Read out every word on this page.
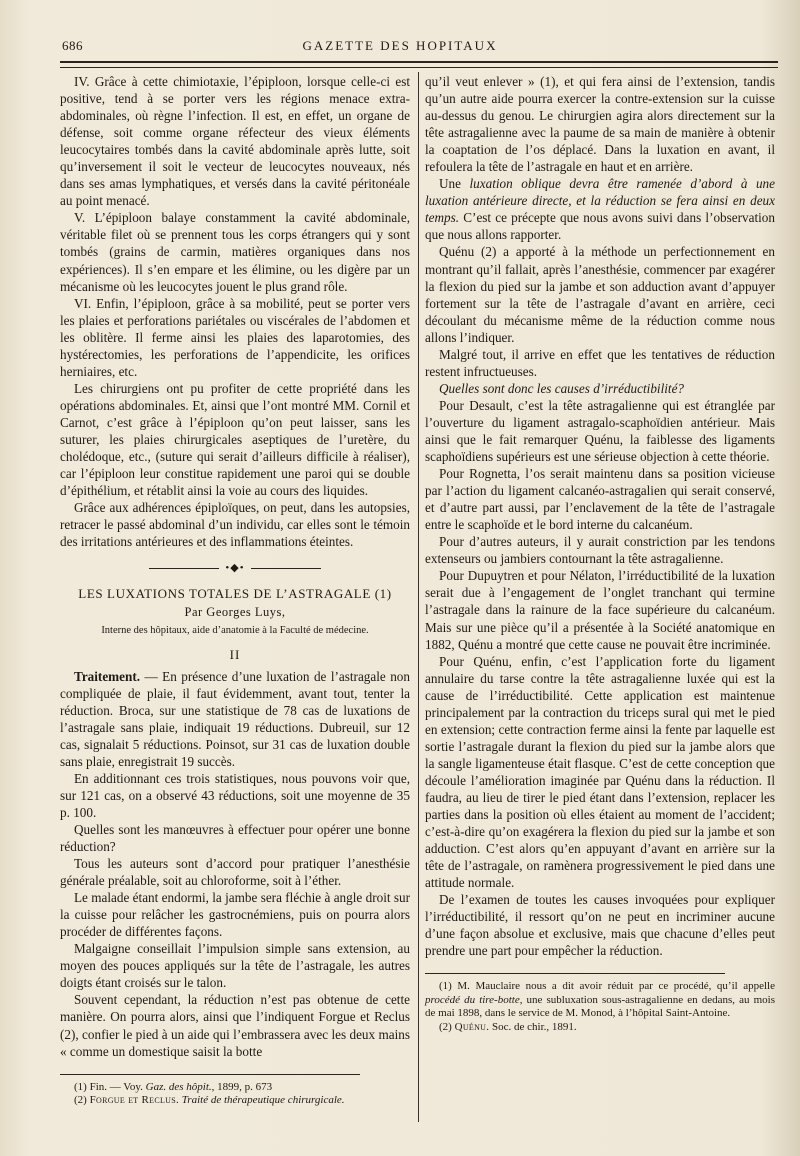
686	GAZETTE DES HOPITAUX

IV. Grâce à cette chimiotaxie, l’épiploon, lorsque celle-ci est positive, tend à se porter vers les régions menace extra-abdominales, où règne l’infection. Il est, en effet, un organe de défense, soit comme organe réfecteur des vieux éléments leucocytaires tombés dans la cavité abdominale après lutte, soit qu’inversement il soit le vecteur de leucocytes nouveaux, nés dans ses amas lymphatiques, et versés dans la cavité péritonéale au point menacé.

V. L’épiploon balaye constamment la cavité abdominale, véritable filet où se prennent tous les corps étrangers qui y sont tombés (grains de carmin, matières organiques dans nos expériences). Il s’en empare et les élimine, ou les digère par un mécanisme où les leucocytes jouent le plus grand rôle.

VI. Enfin, l’épiploon, grâce à sa mobilité, peut se porter vers les plaies et perforations pariétales ou viscérales de l’abdomen et les oblitère. Il ferme ainsi les plaies des laparotomies, des hystérectomies, les perforations de l’appendicite, les orifices herniaires, etc.

Les chirurgiens ont pu profiter de cette propriété dans les opérations abdominales. Et, ainsi que l’ont montré MM. Cornil et Carnot, c’est grâce à l’épiploon qu’on peut laisser, sans les suturer, les plaies chirurgicales aseptiques de l’uretère, du cholédoque, etc., (suture qui serait d’ailleurs difficile à réaliser), car l’épiploon leur constitue rapidement une paroi qui se double d’épithélium, et rétablit ainsi la voie au cours des liquides.

Grâce aux adhérences épiploïques, on peut, dans les autopsies, retracer le passé abdominal d’un individu, car elles sont le témoin des irritations antérieures et des inflammations éteintes.

•◆•
LES LUXATIONS TOTALES DE L’ASTRAGALE (1)
Par Georges Luys,
Interne des hôpitaux, aide d’anatomie à la Faculté de médecine.
II

Traitement. — En présence d’une luxation de l’astragale non compliquée de plaie, il faut évidemment, avant tout, tenter la réduction. Broca, sur une statistique de 78 cas de luxations de l’astragale sans plaie, indiquait 19 réductions. Dubreuil, sur 12 cas, signalait 5 réductions. Poinsot, sur 31 cas de luxation double sans plaie, enregistrait 19 succès.

En additionnant ces trois statistiques, nous pouvons voir que, sur 121 cas, on a observé 43 réductions, soit une moyenne de 35 p. 100.

Quelles sont les manœuvres à effectuer pour opérer une bonne réduction?

Tous les auteurs sont d’accord pour pratiquer l’anesthésie générale préalable, soit au chloroforme, soit à l’éther.

Le malade étant endormi, la jambe sera fléchie à angle droit sur la cuisse pour relâcher les gastrocnémiens, puis on pourra alors procéder de différentes façons.

Malgaigne conseillait l’impulsion simple sans extension, au moyen des pouces appliqués sur la tête de l’astragale, les autres doigts étant croisés sur le talon.

Souvent cependant, la réduction n’est pas obtenue de cette manière. On pourra alors, ainsi que l’indiquent Forgue et Reclus (2), confier le pied à un aide qui l’embrassera avec les deux mains « comme un domestique saisit la botte

(1) Fin. — Voy. Gaz. des hôpit., 1899, p. 673

(2) Forgue et Reclus. Traité de thérapeutique chirurgicale.

qu’il veut enlever » (1), et qui fera ainsi de l’extension, tandis qu’un autre aide pourra exercer la contre-extension sur la cuisse au-dessus du genou. Le chirurgien agira alors directement sur la tête astragalienne avec la paume de sa main de manière à obtenir la coaptation de l’os déplacé. Dans la luxation en avant, il refoulera la tête de l’astragale en haut et en arrière.

Une luxation oblique devra être ramenée d’abord à une luxation antérieure directe, et la réduction se fera ainsi en deux temps. C’est ce précepte que nous avons suivi dans l’observation que nous allons rapporter.

Quénu (2) a apporté à la méthode un perfectionnement en montrant qu’il fallait, après l’anesthésie, commencer par exagérer la flexion du pied sur la jambe et son adduction avant d’appuyer fortement sur la tête de l’astragale d’avant en arrière, ceci découlant du mécanisme même de la réduction comme nous allons l’indiquer.

Malgré tout, il arrive en effet que les tentatives de réduction restent infructueuses.

Quelles sont donc les causes d’irréductibilité?

Pour Desault, c’est la tête astragalienne qui est étranglée par l’ouverture du ligament astragalo-scaphoïdien antérieur. Mais ainsi que le fait remarquer Quénu, la faiblesse des ligaments scaphoïdiens supérieurs est une sérieuse objection à cette théorie.

Pour Rognetta, l’os serait maintenu dans sa position vicieuse par l’action du ligament calcanéo-astragalien qui serait conservé, et d’autre part aussi, par l’enclavement de la tête de l’astragale entre le scaphoïde et le bord interne du calcanéum.

Pour d’autres auteurs, il y aurait constriction par les tendons extenseurs ou jambiers contournant la tête astragalienne.

Pour Dupuytren et pour Nélaton, l’irréductibilité de la luxation serait due à l’engagement de l’onglet tranchant qui termine l’astragale dans la rainure de la face supérieure du calcanéum. Mais sur une pièce qu’il a présentée à la Société anatomique en 1882, Quénu a montré que cette cause ne pouvait être incriminée.

Pour Quénu, enfin, c’est l’application forte du ligament annulaire du tarse contre la tête astragalienne luxée qui est la cause de l’irréductibilité. Cette application est maintenue principalement par la contraction du triceps sural qui met le pied en extension; cette contraction ferme ainsi la fente par laquelle est sortie l’astragale durant la flexion du pied sur la jambe alors que la sangle ligamenteuse était flasque. C’est de cette conception que découle l’amélioration imaginée par Quénu dans la réduction. Il faudra, au lieu de tirer le pied étant dans l’extension, replacer les parties dans la position où elles étaient au moment de l’accident; c’est-à-dire qu’on exagérera la flexion du pied sur la jambe et son adduction. C’est alors qu’en appuyant d’avant en arrière sur la tête de l’astragale, on ramènera progressivement le pied dans une attitude normale.

De l’examen de toutes les causes invoquées pour expliquer l’irréductibilité, il ressort qu’on ne peut en incriminer aucune d’une façon absolue et exclusive, mais que chacune d’elles peut prendre une part pour empêcher la réduction.

(1) M. Mauclaire nous a dit avoir réduit par ce procédé, qu’il appelle procédé du tire-botte, une subluxation sous-astragalienne en dedans, au mois de mai 1898, dans le service de M. Monod, à l’hôpital Saint-Antoine.

(2) Quénu. Soc. de chir., 1891.
